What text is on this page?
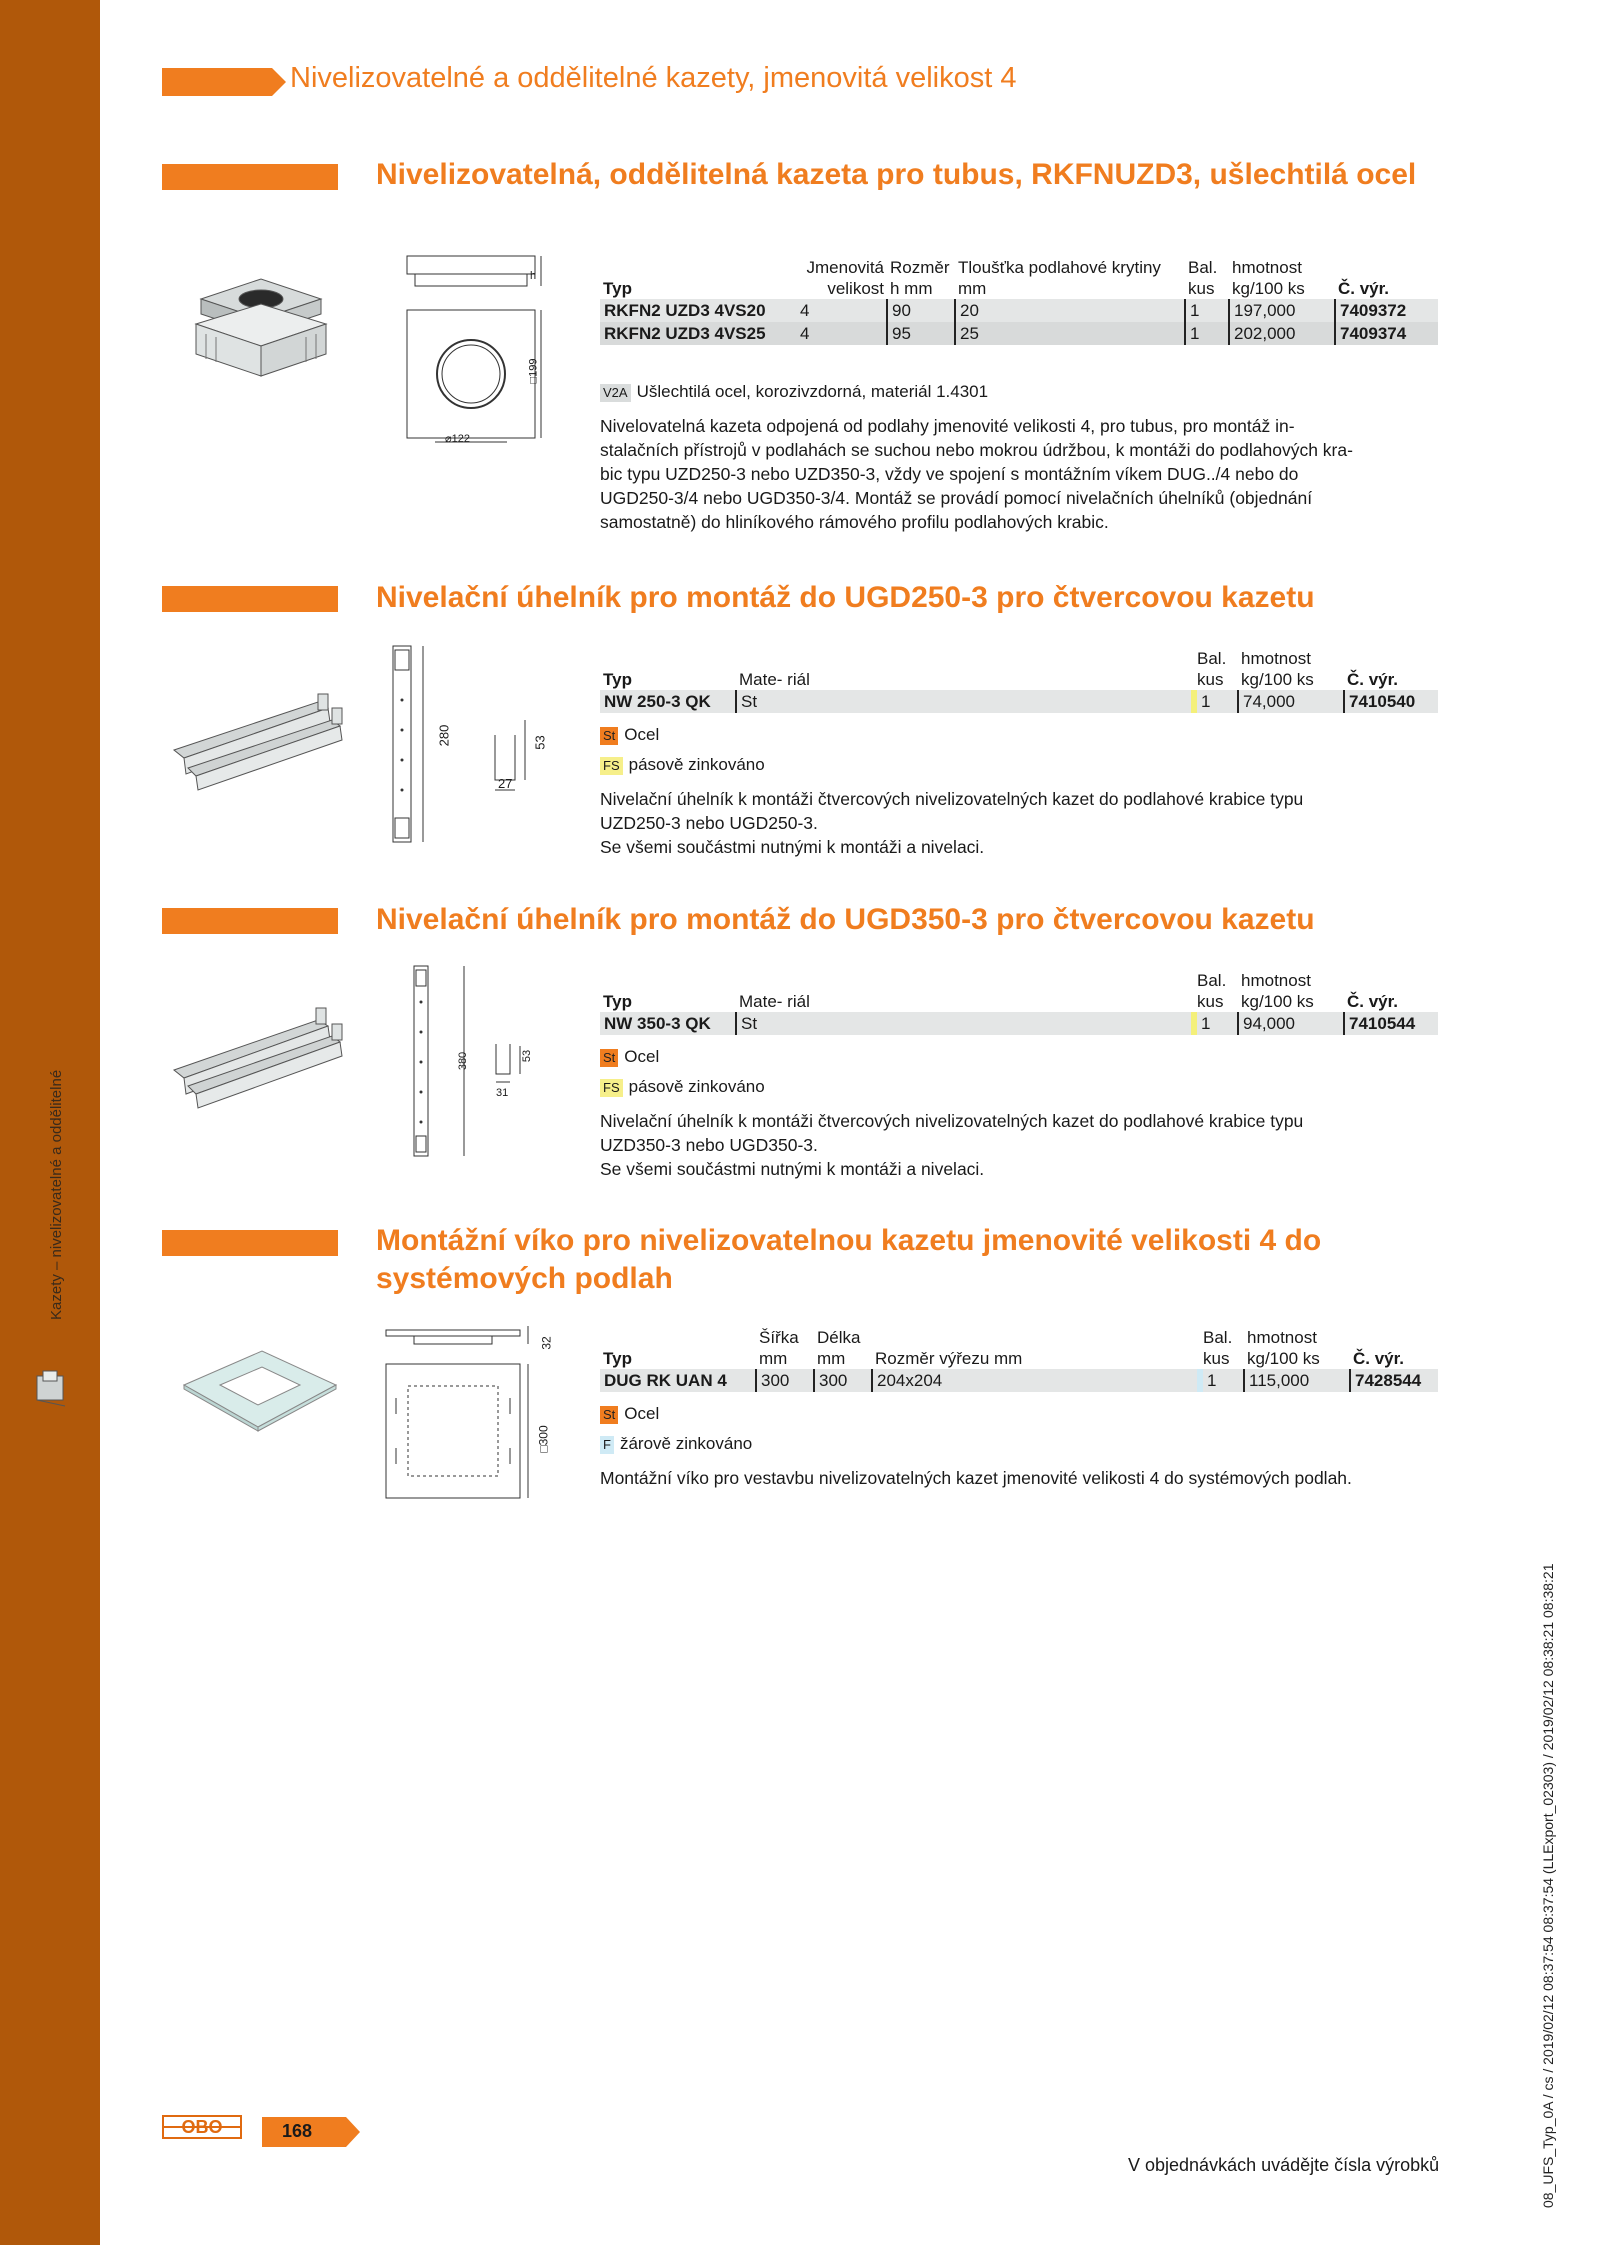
Kazety – nivelizovatelné a oddělitelné
Nivelizovatelné a oddělitelné kazety, jmenovitá velikost 4
Nivelizovatelná, oddělitelná kazeta pro tubus, RKFNUZD3, ušlechtilá ocel
h
□199
⌀122
Typ	Jmenovitá velikost	Rozměr h mm	Tloušťka podlahové krytiny mm	Bal. kus	hmotnost kg/100 ks	Č. výr.
RKFN2 UZD3 4VS20	4	90	20	1	197,000	7409372
RKFN2 UZD3 4VS25	4	95	25	1	202,000	7409374
V2A Ušlechtilá ocel, korozivzdorná, materiál 1.4301

Nivelovatelná kazeta odpojená od podlahy jmenovité velikosti 4, pro tubus, pro montáž in-

stalačních přístrojů v podlahách se suchou nebo mokrou údržbou, k montáži do podlahových kra-

bic typu UZD250-3 nebo UZD350-3, vždy ve spojení s montážním víkem DUG../4 nebo do

UGD250-3/4 nebo UGD350-3/4. Montáž se provádí pomocí nivelačních úhelníků (objednání

samostatně) do hliníkového rámového profilu podlahových krabic.

Nivelační úhelník pro montáž do UGD250-3 pro čtvercovou kazetu
280	53
27
Typ	Mate- riál	Bal. kus	hmotnost kg/100 ks	Č. výr.
NW 250-3 QK	St	1	74,000	7410540
St Ocel
FS pásově zinkováno

Nivelační úhelník k montáži čtvercových nivelizovatelných kazet do podlahové krabice typu

UZD250-3 nebo UGD250-3.

Se všemi součástmi nutnými k montáži a nivelaci.

Nivelační úhelník pro montáž do UGD350-3 pro čtvercovou kazetu
380	53
31
Typ	Mate- riál	Bal. kus	hmotnost kg/100 ks	Č. výr.
NW 350-3 QK	St	1	94,000	7410544
St Ocel
FS pásově zinkováno

Nivelační úhelník k montáži čtvercových nivelizovatelných kazet do podlahové krabice typu

UZD350-3 nebo UGD350-3.

Se všemi součástmi nutnými k montáži a nivelaci.

Montážní víko pro nivelizovatelnou kazetu jmenovité velikosti 4 do systémových podlah
32
□300
Typ	Šířka mm	Délka mm	Rozměr výřezu mm	Bal. kus	hmotnost kg/100 ks	Č. výr.
DUG RK UAN 4	300	300	204x204	1	115,000	7428544
St Ocel
F žárově zinkováno

Montážní víko pro vestavbu nivelizovatelných kazet jmenovité velikosti 4 do systémových podlah.

OBO	168
V objednávkách uvádějte čísla výrobků	08_UFS_Typ_0A / cs / 2019/02/12 08:37:54 08:37:54 (LLExport_02303) / 2019/02/12 08:38:21 08:38:21
